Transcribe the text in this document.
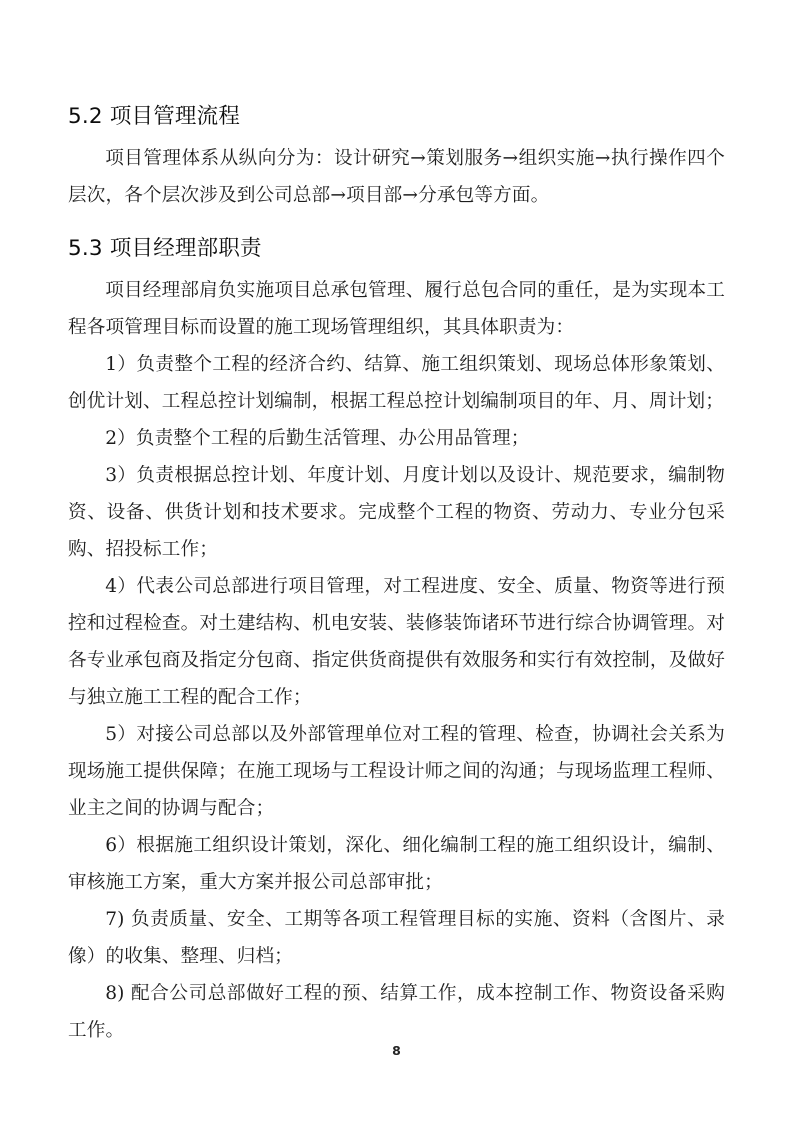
5.2 项目管理流程

项目管理体系从纵向分为：设计研究→策划服务→组织实施→执行操作四个层次，各个层次涉及到公司总部→项目部→分承包等方面。

5.3 项目经理部职责

项目经理部肩负实施项目总承包管理、履行总包合同的重任，是为实现本工程各项管理目标而设置的施工现场管理组织，其具体职责为：

1）负责整个工程的经济合约、结算、施工组织策划、现场总体形象策划、创优计划、工程总控计划编制，根据工程总控计划编制项目的年、月、周计划；

2）负责整个工程的后勤生活管理、办公用品管理；

3）负责根据总控计划、年度计划、月度计划以及设计、规范要求，编制物资、设备、供货计划和技术要求。完成整个工程的物资、劳动力、专业分包采购、招投标工作；

4）代表公司总部进行项目管理，对工程进度、安全、质量、物资等进行预控和过程检查。对土建结构、机电安装、装修装饰诸环节进行综合协调管理。对各专业承包商及指定分包商、指定供货商提供有效服务和实行有效控制，及做好与独立施工工程的配合工作；

5）对接公司总部以及外部管理单位对工程的管理、检查，协调社会关系为现场施工提供保障；在施工现场与工程设计师之间的沟通；与现场监理工程师、业主之间的协调与配合；

6）根据施工组织设计策划，深化、细化编制工程的施工组织设计，编制、审核施工方案，重大方案并报公司总部审批；

7) 负责质量、安全、工期等各项工程管理目标的实施、资料（含图片、录像）的收集、整理、归档；

8) 配合公司总部做好工程的预、结算工作，成本控制工作、物资设备采购工作。

8
